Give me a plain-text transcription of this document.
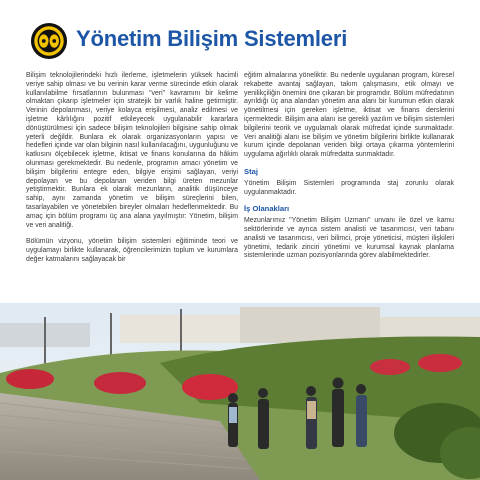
Yönetim Bilişim Sistemleri

Bilişim teknolojilerindeki hızlı ilerleme, işletmelerin yüksek hacimli veriye sahip olması ve bu verinin karar verme sürecinde etkin olarak kullanılabilme fırsatlarının bulunması "veri" kavramını bir kelime olmaktan çıkarıp işletmeler için stratejik bir varlık haline getirmiştir. Verinin depolanması, veriye kolayca erişilmesi, analiz edilmesi ve işletme kârlılığını pozitif etkileyecek uygulanabilir kararlara dönüştürülmesi için sadece bilişim teknolojileri bilgisine sahip olmak yeterli değildir. Bunlara ek olarak organizasyonların yapısı ve hedefleri içinde var olan bilginin nasıl kullanılacağını, uygunluğunu ve katkısını ölçebilecek işletme, iktisat ve finans konularına da hâkim olunması gerekmektedir. Bu nedenle, programın amacı yönetim ve bilişim bilgilerini entegre eden, bilgiye erişimi sağlayan, veriyi depolayan ve bu depolanan veriden bilgi üreten mezunlar yetiştirmektir. Bunlara ek olarak mezunların, analitik düşünceye sahip, aynı zamanda yönetim ve bilişim süreçlerini bilen, tasarlayabilen ve yönetebilen bireyler olmaları hedeflenmektedir. Bu amaç için bölüm programı üç ana alana yayılmıştır: Yönetim, bilişim ve veri analitiği.

Bölümün vizyonu, yönetim bilişim sistemleri eğitiminde teori ve uygulamayı birlikte kullanarak, öğrencilerimizin toplum ve kurumlara değer katmalarını sağlayacak bir

eğitim almalarına yöneliktir. Bu nedenle uygulanan program, küresel rekabette avantaj sağlayan, takım çalışmasını, etik olmayı ve yenilikçiliğin önemini öne çıkaran bir programdır. Bölüm müfredatının ayrıldığı üç ana alandan yönetim ana alanı bir kurumun etkin olarak yönetilmesi için gereken işletme, iktisat ve finans derslerini içermektedir. Bilişim ana alanı ise gerekli yazılım ve bilişim sistemleri bilgilerini teorik ve uygulamalı olarak müfredat içinde sunmaktadır. Veri analitiği alanı ise bilişim ve yönetim bilgilerini birlikte kullanarak kurum içinde depolanan veriden bilgi ortaya çıkarma yöntemlerini uygulama ağırlıklı olarak müfredatta sunmaktadır.

Staj

Yönetim Bilişim Sistemleri programında staj zorunlu olarak uygulanmaktadır.

İş Olanakları

Mezunlarımız "Yönetim Bilişim Uzmanı" unvanı ile özel ve kamu sektörlerinde ve ayrıca sistem analisti ve tasarımcısı, veri tabanı analisti ve tasarımcısı, veri bilimci, proje yöneticisi, müşteri ilişkileri yönetimi, tedarik zinciri yönetimi ve kurumsal kaynak planlama sistemlerinde uzman pozisyonlarında görev alabilmektedirler.
